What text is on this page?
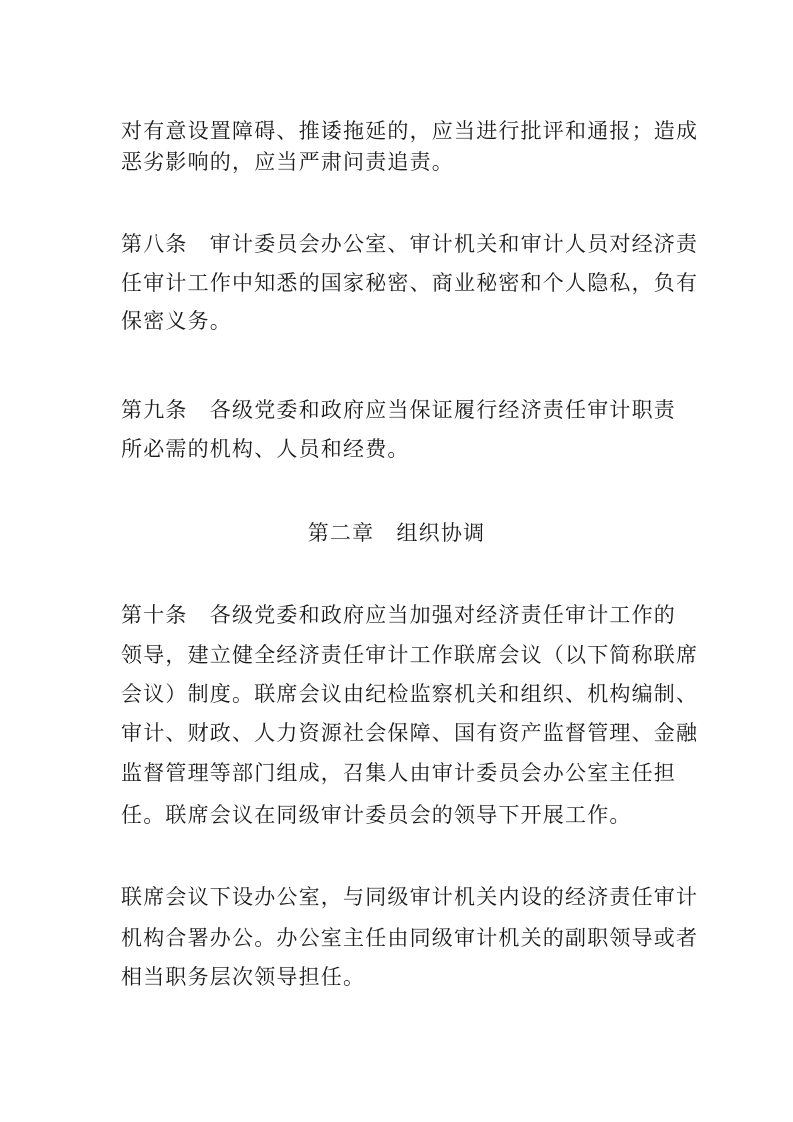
对有意设置障碍、推诿拖延的，应当进行批评和通报；造成
恶劣影响的，应当严肃问责追责。
第八条　审计委员会办公室、审计机关和审计人员对经济责
任审计工作中知悉的国家秘密、商业秘密和个人隐私，负有
保密义务。
第九条　各级党委和政府应当保证履行经济责任审计职责
所必需的机构、人员和经费。
第二章　组织协调
第十条　各级党委和政府应当加强对经济责任审计工作的
领导，建立健全经济责任审计工作联席会议（以下简称联席
会议）制度。联席会议由纪检监察机关和组织、机构编制、
审计、财政、人力资源社会保障、国有资产监督管理、金融
监督管理等部门组成，召集人由审计委员会办公室主任担
任。联席会议在同级审计委员会的领导下开展工作。
联席会议下设办公室，与同级审计机关内设的经济责任审计
机构合署办公。办公室主任由同级审计机关的副职领导或者
相当职务层次领导担任。
